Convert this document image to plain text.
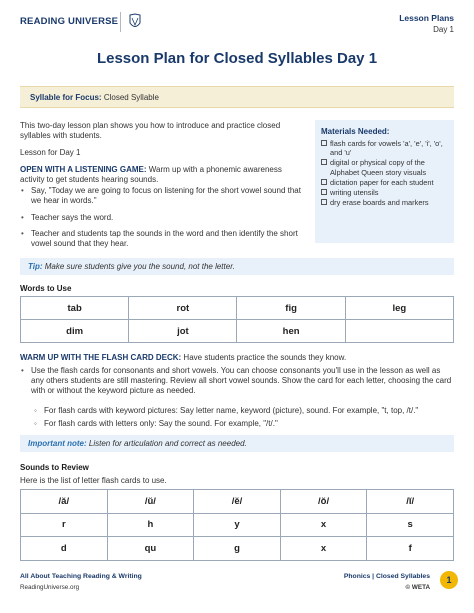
READING UNIVERSE	Lesson Plans
Day 1
Lesson Plan for Closed Syllables Day 1
Syllable for Focus: Closed Syllable
This two-day lesson plan shows you how to introduce and practice closed syllables with students.
Lesson for Day 1
OPEN WITH A LISTENING GAME: Warm up with a phonemic awareness activity to get students hearing sounds.
• Say, "Today we are going to focus on listening for the short vowel sound that we hear in words."
• Teacher says the word.
• Teacher and students tap the sounds in the word and then identify the short vowel sound that they hear.
Materials Needed:
flash cards for vowels 'a', 'e', 'i', 'o', and 'u'
digital or physical copy of the Alphabet Queen story visuals
dictation paper for each student
writing utensils
dry erase boards and markers
Tip: Make sure students give you the sound, not the letter.
Words to Use
tab	rot	fig	leg
dim	jot	hen	
WARM UP WITH THE FLASH CARD DECK: Have students practice the sounds they know.
• Use the flash cards for consonants and short vowels. You can choose consonants you'll use in the lesson as well as any others students are still mastering. Review all short vowel sounds. Show the card for each letter, choosing the card with or without the keyword picture as needed.
◦ For flash cards with keyword pictures: Say letter name, keyword (picture), sound. For example, "t, top, /t/."
◦ For flash cards with letters only: Say the sound. For example, "/t/."
Important note: Listen for articulation and correct as needed.
Sounds to Review
Here is the list of letter flash cards to use.
/ă/	/ŭ/	/ĕ/	/ŏ/	/ĭ/
r	h	y	x	s
d	qu	g	x	f
All About Teaching Reading & Writing
ReadingUniverse.org
Phonics | Closed Syllables
© WETA
1
